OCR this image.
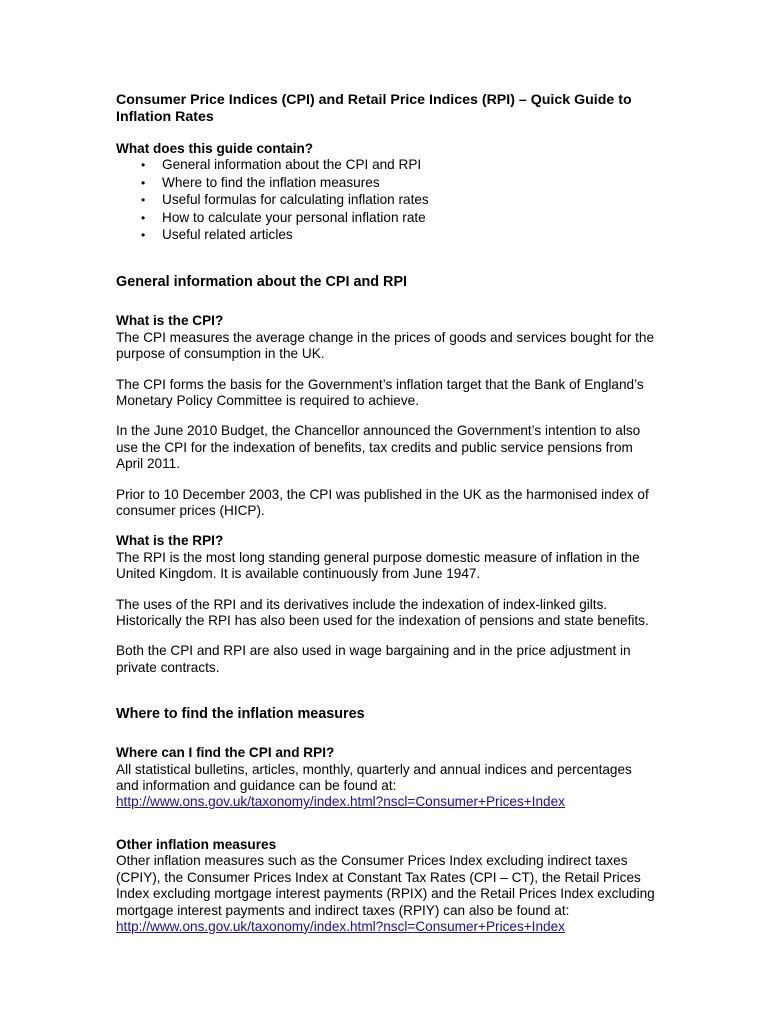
Consumer Price Indices (CPI) and Retail Price Indices (RPI) – Quick Guide to Inflation Rates

What does this guide contain?

• General information about the CPI and RPI
• Where to find the inflation measures
• Useful formulas for calculating inflation rates
• How to calculate your personal inflation rate
• Useful related articles
General information about the CPI and RPI

What is the CPI?

The CPI measures the average change in the prices of goods and services bought for the purpose of consumption in the UK.

The CPI forms the basis for the Government’s inflation target that the Bank of England’s Monetary Policy Committee is required to achieve.

In the June 2010 Budget, the Chancellor announced the Government’s intention to also use the CPI for the indexation of benefits, tax credits and public service pensions from April 2011.

Prior to 10 December 2003, the CPI was published in the UK as the harmonised index of consumer prices (HICP).

What is the RPI?

The RPI is the most long standing general purpose domestic measure of inflation in the United Kingdom. It is available continuously from June 1947.

The uses of the RPI and its derivatives include the indexation of index-linked gilts. Historically the RPI has also been used for the indexation of pensions and state benefits.

Both the CPI and RPI are also used in wage bargaining and in the price adjustment in private contracts.

Where to find the inflation measures

Where can I find the CPI and RPI?

All statistical bulletins, articles, monthly, quarterly and annual indices and percentages and information and guidance can be found at:
http://www.ons.gov.uk/taxonomy/index.html?nscl=Consumer+Prices+Index

Other inflation measures

Other inflation measures such as the Consumer Prices Index excluding indirect taxes (CPIY), the Consumer Prices Index at Constant Tax Rates (CPI – CT), the Retail Prices Index excluding mortgage interest payments (RPIX) and the Retail Prices Index excluding mortgage interest payments and indirect taxes (RPIY) can also be found at: http://www.ons.gov.uk/taxonomy/index.html?nscl=Consumer+Prices+Index
